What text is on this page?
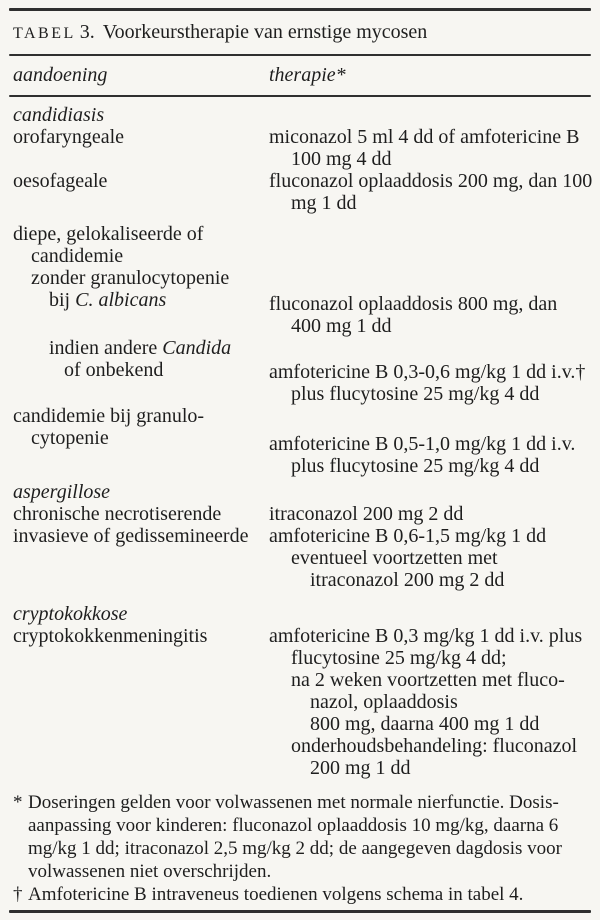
TABEL 3. Voorkeurstherapie van ernstige mycosen
aandoening	therapie*
candidiasis
orofaryngeale	miconazol 5 ml 4 dd of amfotericine B
100 mg 4 dd
oesofageale	fluconazol oplaaddosis 200 mg, dan 100
mg 1 dd
diepe, gelokaliseerde of
candidemie
zonder granulocytopenie
bij C. albicans	fluconazol oplaaddosis 800 mg, dan
400 mg 1 dd
indien andere Candida
of onbekend	amfotericine B 0,3-0,6 mg/kg 1 dd i.v.†
plus flucytosine 25 mg/kg 4 dd
candidemie bij granulo-
cytopenie	amfotericine B 0,5-1,0 mg/kg 1 dd i.v.
plus flucytosine 25 mg/kg 4 dd
aspergillose
chronische necrotiserende	itraconazol 200 mg 2 dd
invasieve of gedissemineerde	amfotericine B 0,6-1,5 mg/kg 1 dd
eventueel voortzetten met
itraconazol 200 mg 2 dd
cryptokokkose
cryptokokkenmeningitis	amfotericine B 0,3 mg/kg 1 dd i.v. plus
flucytosine 25 mg/kg 4 dd;
na 2 weken voortzetten met fluco-
nazol, oplaaddosis
800 mg, daarna 400 mg 1 dd
onderhoudsbehandeling: fluconazol
200 mg 1 dd
* Doseringen gelden voor volwassenen met normale nierfunctie. Dosis-
aanpassing voor kinderen: fluconazol oplaaddosis 10 mg/kg, daarna 6
mg/kg 1 dd; itraconazol 2,5 mg/kg 2 dd; de aangegeven dagdosis voor
volwassenen niet overschrijden.
† Amfotericine B intraveneus toedienen volgens schema in tabel 4.
